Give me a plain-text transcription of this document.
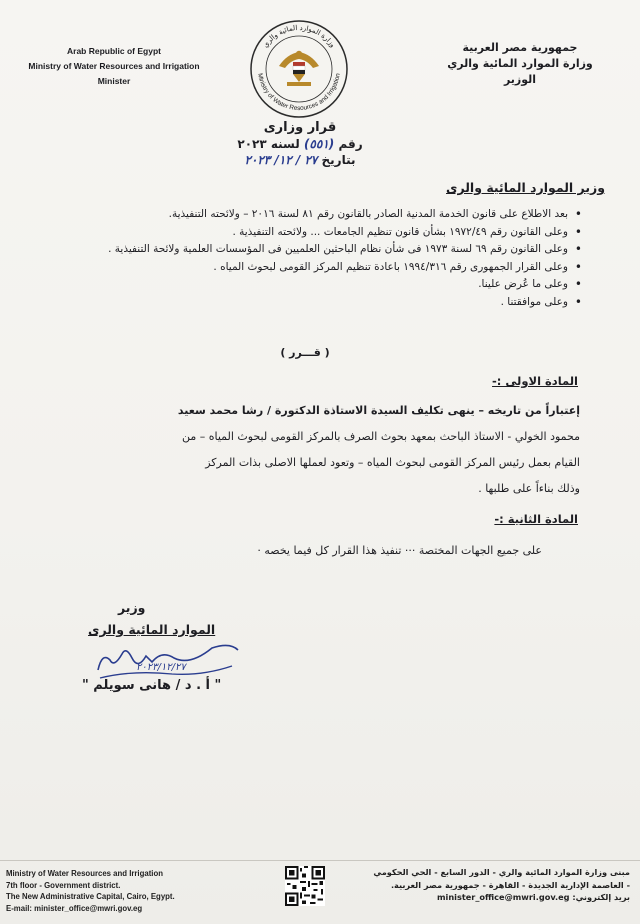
Arab Republic of Egypt
Ministry of Water Resources and Irrigation
Minister
وزارة الموارد المائية والري
Ministry of Water Resources and Irrigation
جمهورية مصر العربية
وزارة الموارد المائية والري
الوزير
قرار وزارى
رقم (٥٥١) لسنه ٢٠٢٣
بتاريخ ٢٧ / ١٢/ ٢٠٢٣
وزير الموارد المائية والرى
• بعد الاطلاع على قانون الخدمة المدنية الصادر بالقانون رقم ٨١ لسنة ٢٠١٦ – ولائحته التنفيذية.
• وعلى القانون رقم ١٩٧٢/٤٩ بشأن قانون تنظيم الجامعات ... ولائحته التنفيذية .
• وعلى القانون رقم ٦٩ لسنة ١٩٧٣ فى شأن نظام الباحثين العلميين فى المؤسسات العلمية ولائحة التنفيذية .
• وعلى القرار الجمهورى رقم ١٩٩٤/٣١٦ باعادة تنظيم المركز القومى لبحوث المياه .
• وعلى ما عُرض علينا.
• وعلى موافقتنا .
( قـــرر )
المادة الاولى :-
إعتباراً من تاريخه – ينهى تكليف السيدة الاستاذة الدكتورة / رشا محمد سعيد
محمود الخولي - الاستاذ الباحث بمعهد بحوث الصرف بالمركز القومى لبحوث المياه – من
القيام بعمل رئيس المركز القومى لبحوث المياه – وتعود لعملها الاصلى بذات المركز
وذلك بناءاً على طلبها .
المادة الثانية :-
على جميع الجهات المختصة ··· تنفيذ هذا القرار كل فيما يخصه ·
وزير
الموارد المائية والرى
٢٠٢٣/١٢/٢٧
" أ . د / هانى سويلم "
Ministry of Water Resources and Irrigation
7th floor - Government district.
The New Administrative Capital, Cairo, Egypt.
E-mail: minister_office@mwri.gov.eg
مبنى وزارة الموارد المائية والري - الدور السابع - الحي الحكومي
- العاصمة الإدارية الجديدة - القاهرة - جمهورية مصر العربية.
بريد إلكتروني: minister_office@mwri.gov.eg
